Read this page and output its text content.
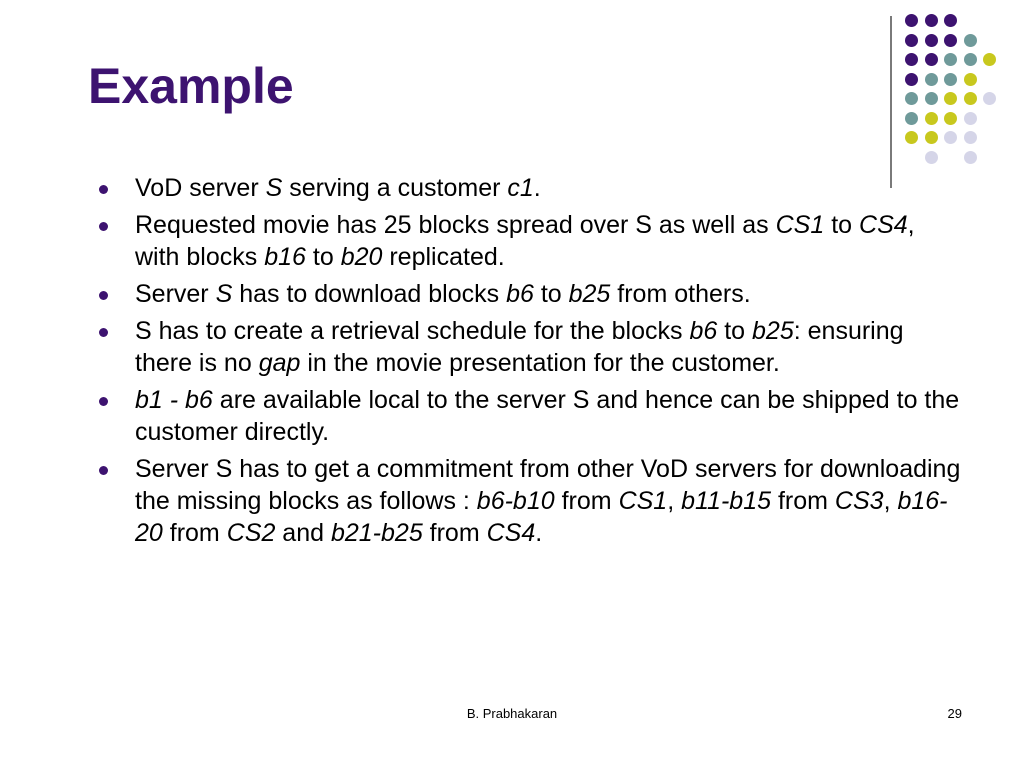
Example
VoD server S serving a customer c1.
Requested movie has 25 blocks spread over S as well as CS1 to CS4, with blocks b16 to b20 replicated.
Server S has to download blocks b6 to b25 from others.
S has to create a retrieval schedule for the blocks b6 to b25: ensuring there is no gap in the movie presentation for the customer.
b1 - b6 are available local to the server S and hence can be shipped to the customer directly.
Server S has to get a commitment from other VoD servers for downloading the missing blocks as follows : b6-b10 from CS1, b11-b15 from CS3, b16-20 from CS2 and b21-b25 from CS4.
B. Prabhakaran	29
